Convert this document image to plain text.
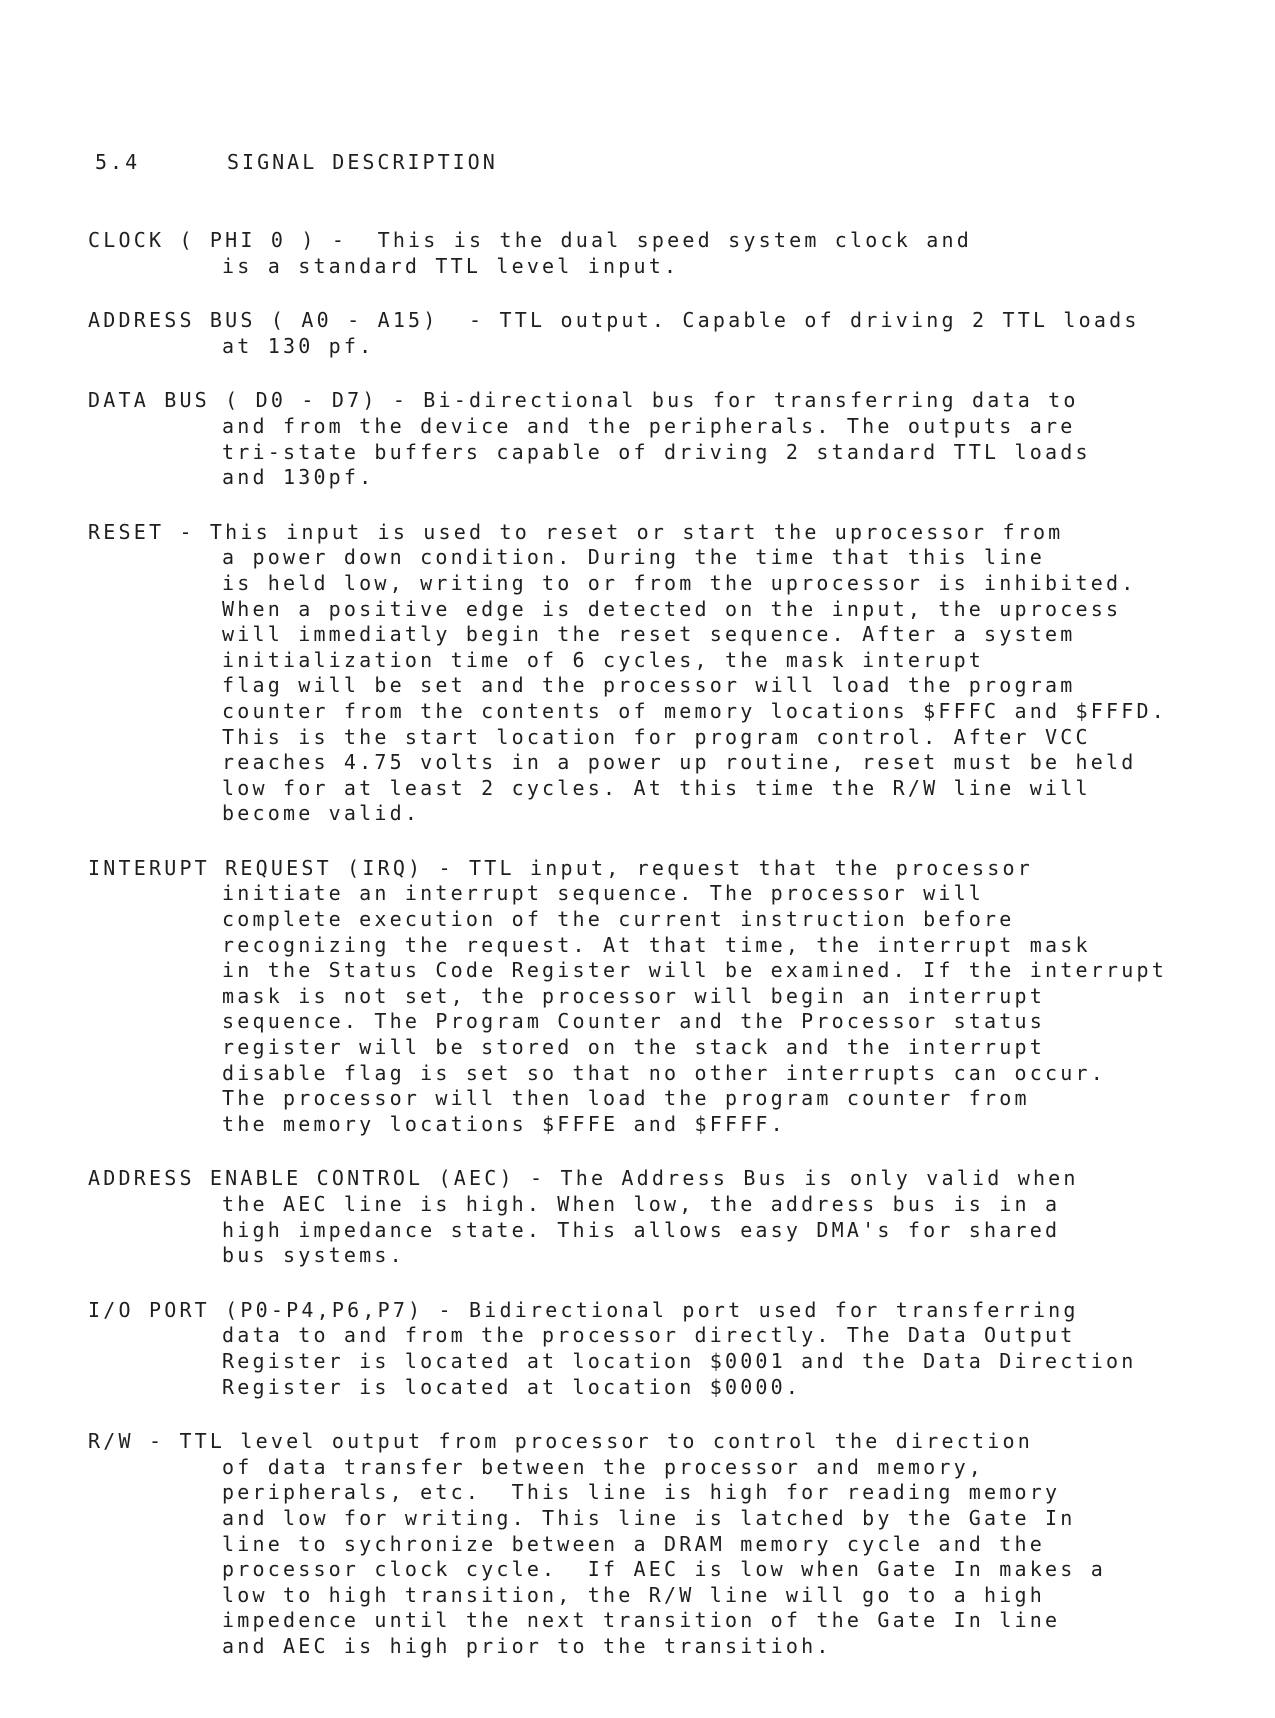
5.4	SIGNAL DESCRIPTION
CLOCK ( PHI 0 ) -  This is the dual speed system clock and
is a standard TTL level input.
ADDRESS BUS ( A0 - A15)  - TTL output. Capable of driving 2 TTL loads
at 130 pf.
DATA BUS ( D0 - D7) - Bi-directional bus for transferring data to
and from the device and the peripherals. The outputs are
tri-state buffers capable of driving 2 standard TTL loads
and 130pf.
RESET - This input is used to reset or start the uprocessor from
a power down condition. During the time that this line
is held low, writing to or from the uprocessor is inhibited.
When a positive edge is detected on the input, the uprocess
will immediatly begin the reset sequence. After a system
initialization time of 6 cycles, the mask interupt
flag will be set and the processor will load the program
counter from the contents of memory locations $FFFC and $FFFD.
This is the start location for program control. After VCC
reaches 4.75 volts in a power up routine, reset must be held
low for at least 2 cycles. At this time the R/W line will
become valid.
INTERUPT REQUEST (IRQ) - TTL input, request that the processor
initiate an interrupt sequence. The processor will
complete execution of the current instruction before
recognizing the request. At that time, the interrupt mask
in the Status Code Register will be examined. If the interrupt
mask is not set, the processor will begin an interrupt
sequence. The Program Counter and the Processor status
register will be stored on the stack and the interrupt
disable flag is set so that no other interrupts can occur.
The processor will then load the program counter from
the memory locations $FFFE and $FFFF.
ADDRESS ENABLE CONTROL (AEC) - The Address Bus is only valid when
the AEC line is high. When low, the address bus is in a
high impedance state. This allows easy DMA's for shared
bus systems.
I/O PORT (P0-P4,P6,P7) - Bidirectional port used for transferring
data to and from the processor directly. The Data Output
Register is located at location $0001 and the Data Direction
Register is located at location $0000.
R/W - TTL level output from processor to control the direction
of data transfer between the processor and memory,
peripherals, etc.  This line is high for reading memory
and low for writing. This line is latched by the Gate In
line to sychronize between a DRAM memory cycle and the
processor clock cycle.  If AEC is low when Gate In makes a
low to high transition, the R/W line will go to a high
impedence until the next transition of the Gate In line
and AEC is high prior to the transitioh.
